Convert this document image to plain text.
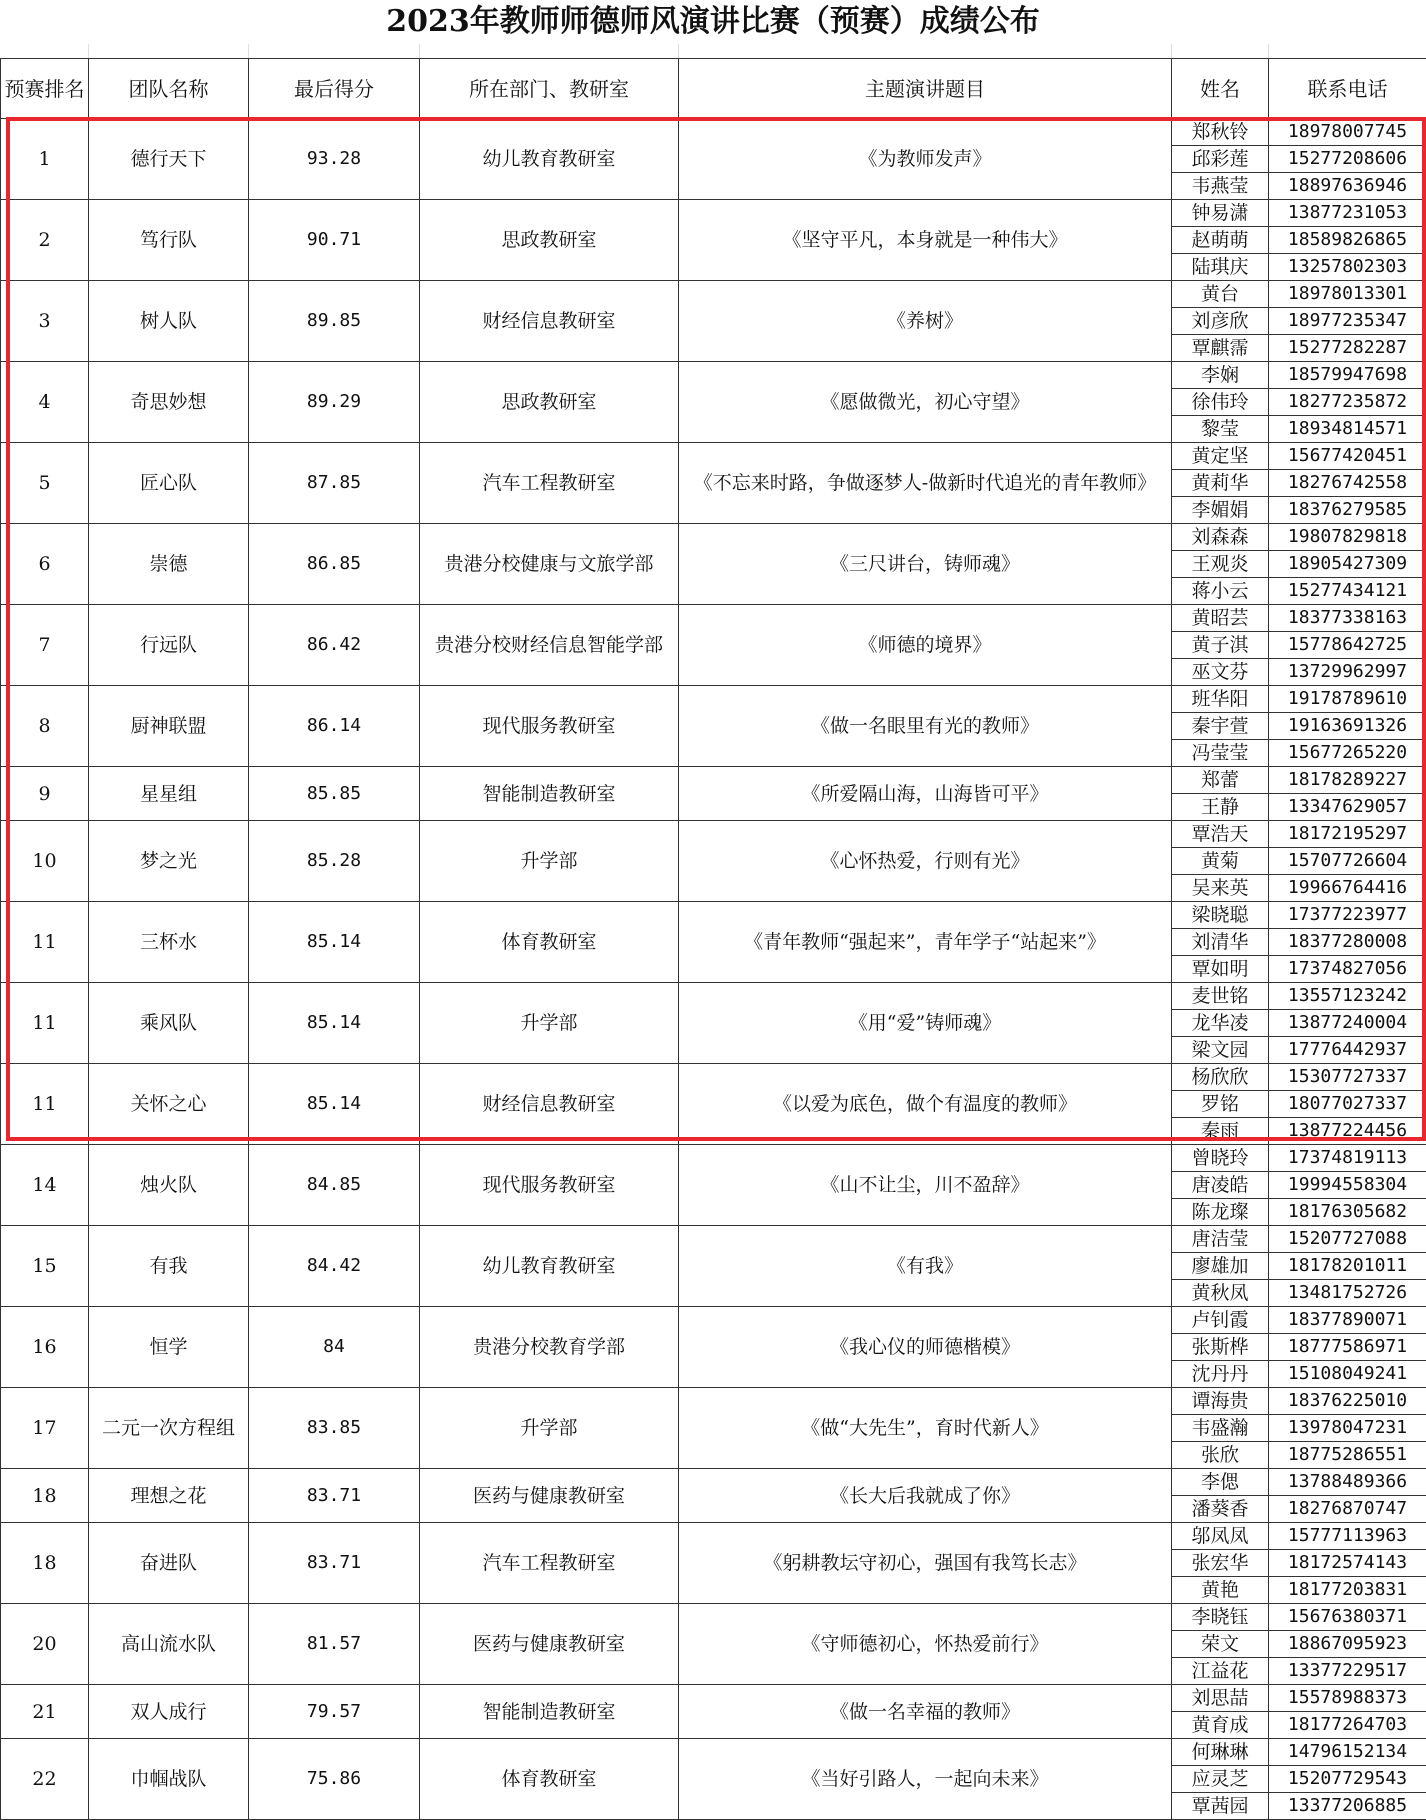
2023年教师师德师风演讲比赛（预赛）成绩公布

预赛排名	团队名称	最后得分	所在部门、教研室	主题演讲题目	姓名	联系电话
1	德行天下	93.28	幼儿教育教研室	《为教师发声》	郑秋铃	18978007745
					邱彩莲	15277208606
					韦燕莹	18897636946
2	笃行队	90.71	思政教研室	《坚守平凡，本身就是一种伟大》	钟易潇	13877231053
					赵萌萌	18589826865
					陆琪庆	13257802303
3	树人队	89.85	财经信息教研室	《养树》	黄台	18978013301
					刘彦欣	18977235347
					覃麒霈	15277282287
4	奇思妙想	89.29	思政教研室	《愿做微光，初心守望》	李娴	18579947698
					徐伟玲	18277235872
					黎莹	18934814571
5	匠心队	87.85	汽车工程教研室	《不忘来时路，争做逐梦人-做新时代追光的青年教师》	黄定坚	15677420451
					黄莉华	18276742558
					李媚娟	18376279585
6	崇德	86.85	贵港分校健康与文旅学部	《三尺讲台，铸师魂》	刘森森	19807829818
					王观炎	18905427309
					蒋小云	15277434121
7	行远队	86.42	贵港分校财经信息智能学部	《师德的境界》	黄昭芸	18377338163
					黄子淇	15778642725
					巫文芬	13729962997
8	厨神联盟	86.14	现代服务教研室	《做一名眼里有光的教师》	班华阳	19178789610
					秦宇萱	19163691326
					冯莹莹	15677265220
9	星星组	85.85	智能制造教研室	《所爱隔山海，山海皆可平》	郑蕾	18178289227
					王静	13347629057
10	梦之光	85.28	升学部	《心怀热爱，行则有光》	覃浩天	18172195297
					黄菊	15707726604
					吴来英	19966764416
11	三杯水	85.14	体育教研室	《青年教师“强起来”，青年学子“站起来”》	梁晓聪	17377223977
					刘清华	18377280008
					覃如明	17374827056
11	乘风队	85.14	升学部	《用“爱”铸师魂》	麦世铭	13557123242
					龙华凌	13877240004
					梁文园	17776442937
11	关怀之心	85.14	财经信息教研室	《以爱为底色，做个有温度的教师》	杨欣欣	15307727337
					罗铭	18077027337
					秦雨	13877224456
14	烛火队	84.85	现代服务教研室	《山不让尘，川不盈辞》	曾晓玲	17374819113
					唐凌皓	19994558304
					陈龙璨	18176305682
15	有我	84.42	幼儿教育教研室	《有我》	唐洁莹	15207727088
					廖雄加	18178201011
					黄秋凤	13481752726
16	恒学	84	贵港分校教育学部	《我心仪的师德楷模》	卢钊霞	18377890071
					张斯桦	18777586971
					沈丹丹	15108049241
17	二元一次方程组	83.85	升学部	《做“大先生”，育时代新人》	谭海贵	18376225010
					韦盛瀚	13978047231
					张欣	18775286551
18	理想之花	83.71	医药与健康教研室	《长大后我就成了你》	李偲	13788489366
					潘葵香	18276870747
18	奋进队	83.71	汽车工程教研室	《躬耕教坛守初心，强国有我笃长志》	邬凤凤	15777113963
					张宏华	18172574143
					黄艳	18177203831
20	高山流水队	81.57	医药与健康教研室	《守师德初心，怀热爱前行》	李晓钰	15676380371
					荣文	18867095923
					江益花	13377229517
21	双人成行	79.57	智能制造教研室	《做一名幸福的教师》	刘思喆	15578988373
					黄育成	18177264703
22	巾帼战队	75.86	体育教研室	《当好引路人，一起向未来》	何琳琳	14796152134
					应灵芝	15207729543
					覃茜园	13377206885
